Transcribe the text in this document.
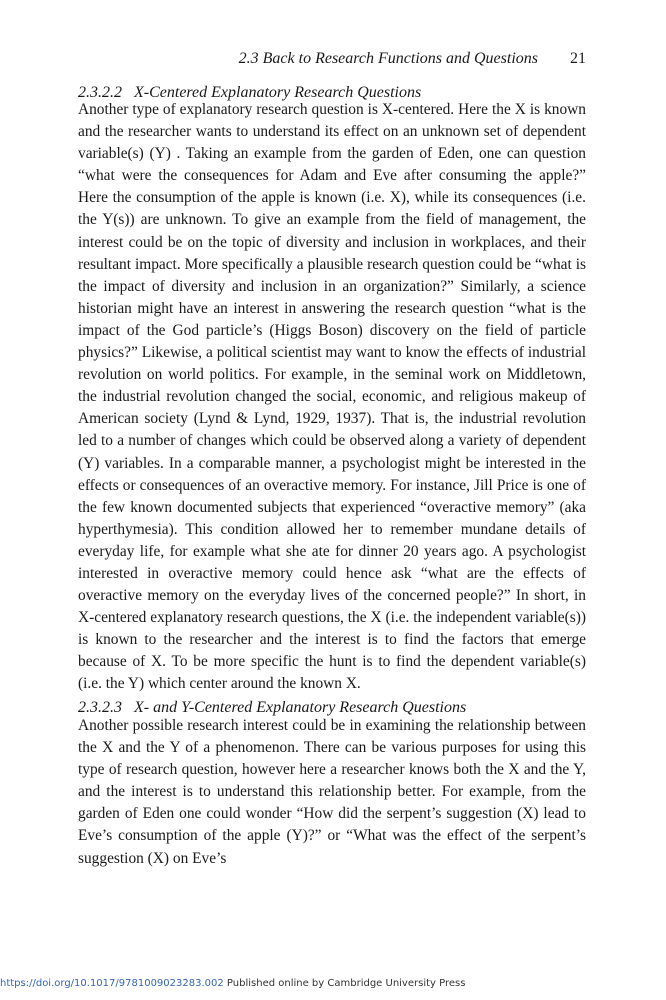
2.3 Back to Research Functions and Questions 21
2.3.2.2 X-Centered Explanatory Research Questions

Another type of explanatory research question is X-centered. Here the X is known and the researcher wants to understand its effect on an unknown set of dependent variable(s) (Y) . Taking an example from the garden of Eden, one can question “what were the consequences for Adam and Eve after consuming the apple?” Here the consumption of the apple is known (i.e. X), while its consequences (i.e. the Y(s)) are unknown. To give an example from the field of management, the interest could be on the topic of diversity and inclusion in workplaces, and their resultant impact. More specifically a plausible research question could be “what is the impact of diversity and inclusion in an organization?” Similarly, a science historian might have an interest in answering the research question “what is the impact of the God particle’s (Higgs Boson) discovery on the field of particle physics?” Likewise, a political scientist may want to know the effects of industrial revolution on world politics. For example, in the seminal work on Middletown, the industrial revolution changed the social, economic, and religious makeup of American society (Lynd & Lynd, 1929, 1937). That is, the industrial revolution led to a number of changes which could be observed along a variety of dependent (Y) variables. In a comparable manner, a psychologist might be interested in the effects or consequences of an overactive memory. For instance, Jill Price is one of the few known documented subjects that experienced “overactive memory” (aka hyperthymesia). This condition allowed her to remember mundane details of everyday life, for example what she ate for dinner 20 years ago. A psychologist interested in overactive memory could hence ask “what are the effects of overactive memory on the everyday lives of the concerned people?” In short, in X-centered explanatory research questions, the X (i.e. the independent variable(s)) is known to the researcher and the interest is to find the factors that emerge because of X. To be more specific the hunt is to find the dependent variable(s) (i.e. the Y) which center around the known X.

2.3.2.3 X- and Y-Centered Explanatory Research Questions

Another possible research interest could be in examining the relationship between the X and the Y of a phenomenon. There can be various purposes for using this type of research question, however here a researcher knows both the X and the Y, and the interest is to understand this relationship better. For example, from the garden of Eden one could wonder “How did the serpent’s suggestion (X) lead to Eve’s consumption of the apple (Y)?” or “What was the effect of the serpent’s suggestion (X) on Eve’s

https://doi.org/10.1017/9781009023283.002 Published online by Cambridge University Press
